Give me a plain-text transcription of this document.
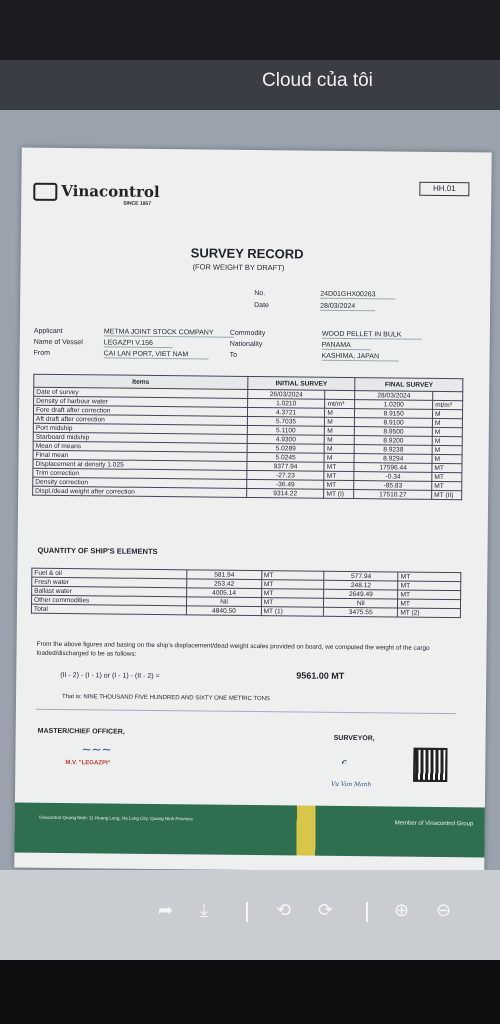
Cloud của tôi
Vinacontrol
SINCE 1957
HH.01
SURVEY RECORD
(FOR WEIGHT BY DRAFT)
No.	24D01GHX00263
Date	28/03/2024
Applicant	METMA JOINT STOCK COMPANY
Name of Vessel	LEGAZPI V.156
From	CAI LAN PORT, VIET NAM
Commodity	WOOD PELLET IN BULK
Nationality	PANAMA
To	KASHIMA, JAPAN
Items	INITIAL SURVEY		FINAL SURVEY	
Date of survey	26/03/2024		28/03/2024	
Density of harbour water	1.0210	mt/m³	1.0200	mt/m³
Fore draft after correction	4.3721	M	8.9150	M
Aft draft after correction	5.7035	M	8.9100	M
Port midship	5.1100	M	8.9500	M
Starboard midship	4.9300	M	8.9200	M
Mean of means	5.0289	M	8.9238	M
Final mean	5.0245	M	8.9294	M
Displacement at density 1.025	9377.94	MT	17596.44	MT
Trim correction	-27.23	MT	-0.34	MT
Density correction	-36.49	MT	-85.83	MT
Displ./dead weight after correction	9314.22	MT (I)	17510.27	MT (II)
QUANTITY OF SHIP'S ELEMENTS
Fuel & oil	581.94	MT	577.94	MT
Fresh water	253.42	MT	248.12	MT
Ballast water	4005.14	MT	2649.49	MT
Other commodities	Nil	MT	Nil	MT
Total	4840.50	MT (1)	3475.55	MT (2)
From the above figures and basing on the ship's displacement/dead weight scales provided on board, we computed the weight of the cargo loaded/discharged to be as follows:
(II - 2) - (I - 1) or (I - 1) - (II - 2) =	9561.00 MT
That is: NINE THOUSAND FIVE HUNDRED AND SIXTY ONE METRIC TONS
MASTER/CHIEF OFFICER,
~~~
M.V. "LEGAZPI"
SURVEYOR,
𝒸
Vu Van Manh
Vinacontrol Quang Ninh: 11 Hoang Long, Ha Long City, Quang Ninh Province
Member of Vinacontrol Group
➦ ⤓	⟲ ⟳	⊕ ⊖
